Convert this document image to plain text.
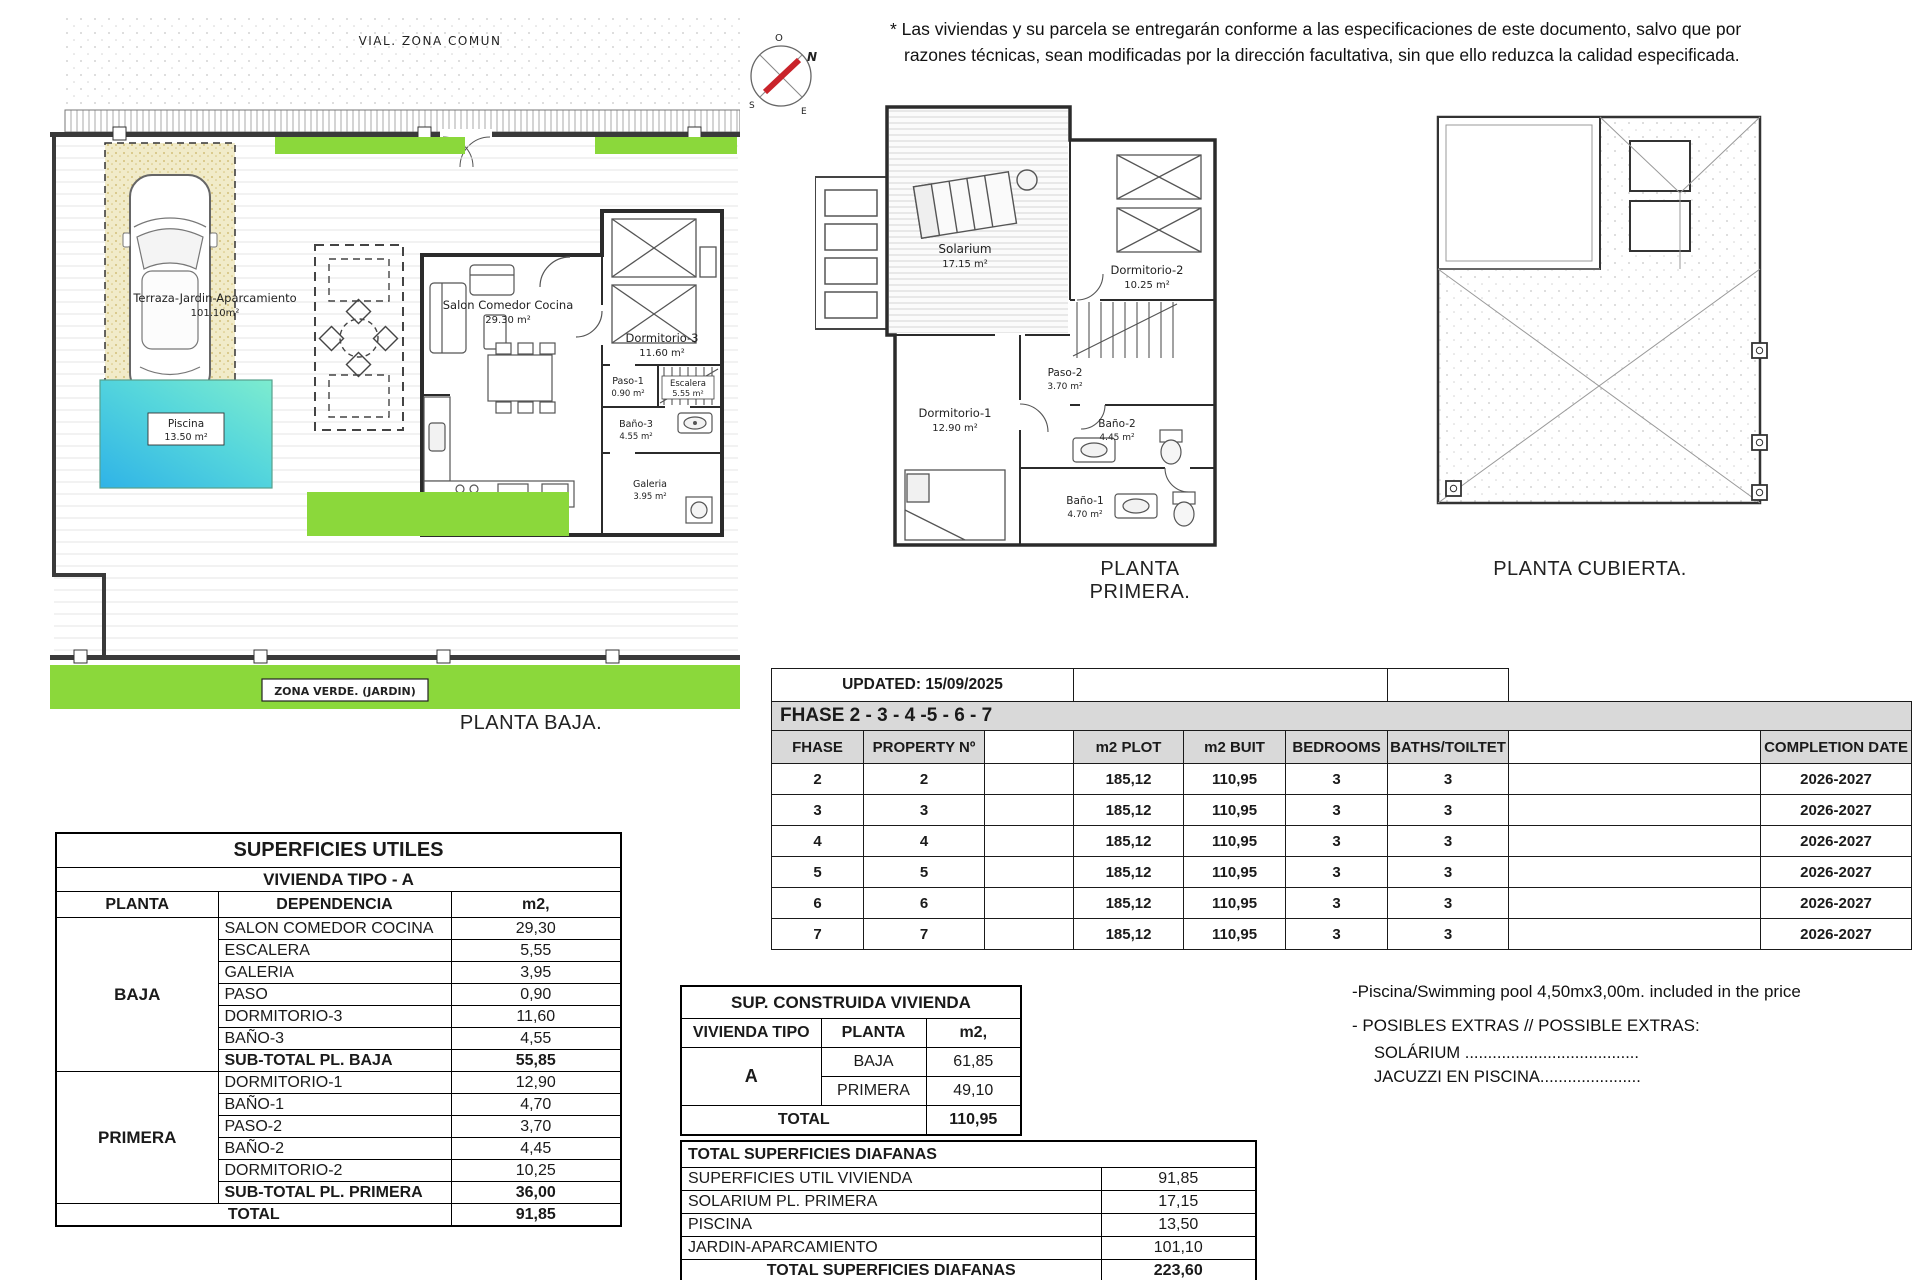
VIAL. ZONA COMUN
Salon Comedor Cocina
29.30 m²
Dormitorio-3
11.60 m²
Paso-1
0.90 m²
Escalera
5.55 m²
Baño-3
4.55 m²
Galeria
3.95 m²
Terraza-Jardin-Aparcamiento
101.10m²
Piscina
13.50 m²
ZONA VERDE. (JARDIN)
PLANTA BAJA.
O
N
S
E
* Las viviendas y su parcela se entregarán conforme a las especificaciones de este documento, salvo que por
razones técnicas, sean modificadas por la dirección facultativa, sin que ello reduzca la calidad especificada.
Solarium
17.15 m²	Dormitorio-2
10.25 m²
Paso-2
3.70 m²
Dormitorio-1
12.90 m²	Baño-2
4.45 m²
Baño-1
4.70 m²
PLANTA PRIMERA.
PLANTA CUBIERTA.
UPDATED: 15/09/2025								
FHASE 2 - 3 - 4 -5 - 6 - 7								
FHASE	PROPERTY Nº		m2 PLOT	m2 BUIT	BEDROOMS	BATHS/TOILTET		COMPLETION DATE
2	2		185,12	110,95	3	3		2026-2027
3	3		185,12	110,95	3	3		2026-2027
4	4		185,12	110,95	3	3		2026-2027
5	5		185,12	110,95	3	3		2026-2027
6	6		185,12	110,95	3	3		2026-2027
7	7		185,12	110,95	3	3		2026-2027
SUPERFICIES UTILES		
VIVIENDA TIPO - A		
PLANTA	DEPENDENCIA	m2,
BAJA	SALON COMEDOR COCINA	29,30
	ESCALERA	5,55
	GALERIA	3,95
	PASO	0,90
	DORMITORIO-3	11,60
	BAÑO-3	4,55
	SUB-TOTAL PL. BAJA	55,85
PRIMERA	DORMITORIO-1	12,90
	BAÑO-1	4,70
	PASO-2	3,70
	BAÑO-2	4,45
	DORMITORIO-2	10,25
	SUB-TOTAL PL. PRIMERA	36,00
TOTAL		91,85
SUP. CONSTRUIDA VIVIENDA		
VIVIENDA TIPO	PLANTA	m2,
A	BAJA	61,85
	PRIMERA	49,10
TOTAL		110,95
TOTAL SUPERFICIES DIAFANAS	
SUPERFICIES UTIL VIVIENDA	91,85
SOLARIUM PL. PRIMERA	17,15
PISCINA	13,50
JARDIN-APARCAMIENTO	101,10
TOTAL SUPERFICIES DIAFANAS	223,60
-Piscina/Swimming pool 4,50mx3,00m. included in the price
- POSIBLES EXTRAS // POSSIBLE EXTRAS:
SOLÁRIUM ......................................
JACUZZI EN PISCINA......................
